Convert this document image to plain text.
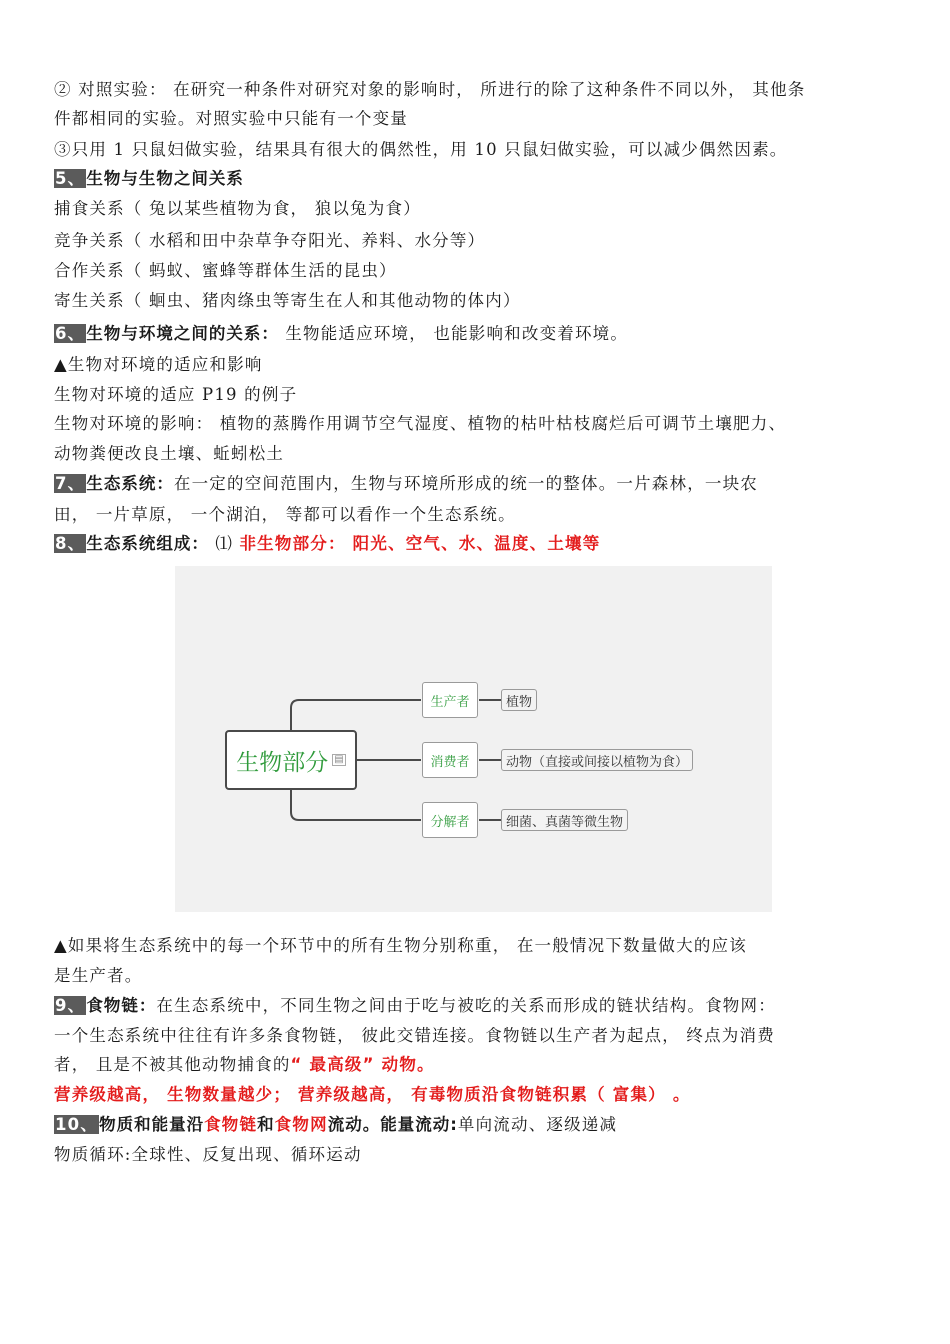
② 对照实验： 在研究一种条件对研究对象的影响时， 所进行的除了这种条件不同以外， 其他条
件都相同的实验。对照实验中只能有一个变量
③只用 1 只鼠妇做实验，结果具有很大的偶然性，用 10 只鼠妇做实验，可以减少偶然因素。
5、生物与生物之间关系
捕食关系（ 兔以某些植物为食， 狼以兔为食）
竞争关系（ 水稻和田中杂草争夺阳光、养料、水分等）
合作关系（ 蚂蚁、蜜蜂等群体生活的昆虫）
寄生关系（ 蛔虫、猪肉绦虫等寄生在人和其他动物的体内）
6、生物与环境之间的关系： 生物能适应环境， 也能影响和改变着环境。
▲生物对环境的适应和影响
生物对环境的适应 P19 的例子
生物对环境的影响： 植物的蒸腾作用调节空气湿度、植物的枯叶枯枝腐烂后可调节土壤肥力、
动物粪便改良土壤、蚯蚓松土
7、生态系统：在一定的空间范围内，生物与环境所形成的统一的整体。一片森林，一块农
田， 一片草原， 一个湖泊， 等都可以看作一个生态系统。
8、生态系统组成： ⑴ 非生物部分： 阳光、空气、水、温度、土壤等
生物部分 ▤
生产者
消费者
分解者
植物
动物（直接或间接以植物为食）
细菌、真菌等微生物
▲如果将生态系统中的每一个环节中的所有生物分别称重， 在一般情况下数量做大的应该
是生产者。
9、食物链：在生态系统中，不同生物之间由于吃与被吃的关系而形成的链状结构。食物网：
一个生态系统中往往有许多条食物链， 彼此交错连接。食物链以生产者为起点， 终点为消费
者， 且是不被其他动物捕食的“ 最高级” 动物。
营养级越高， 生物数量越少； 营养级越高， 有毒物质沿食物链积累（ 富集） 。
10、物质和能量沿食物链和食物网流动。能量流动:单向流动、逐级递减
物质循环:全球性、反复出现、循环运动
